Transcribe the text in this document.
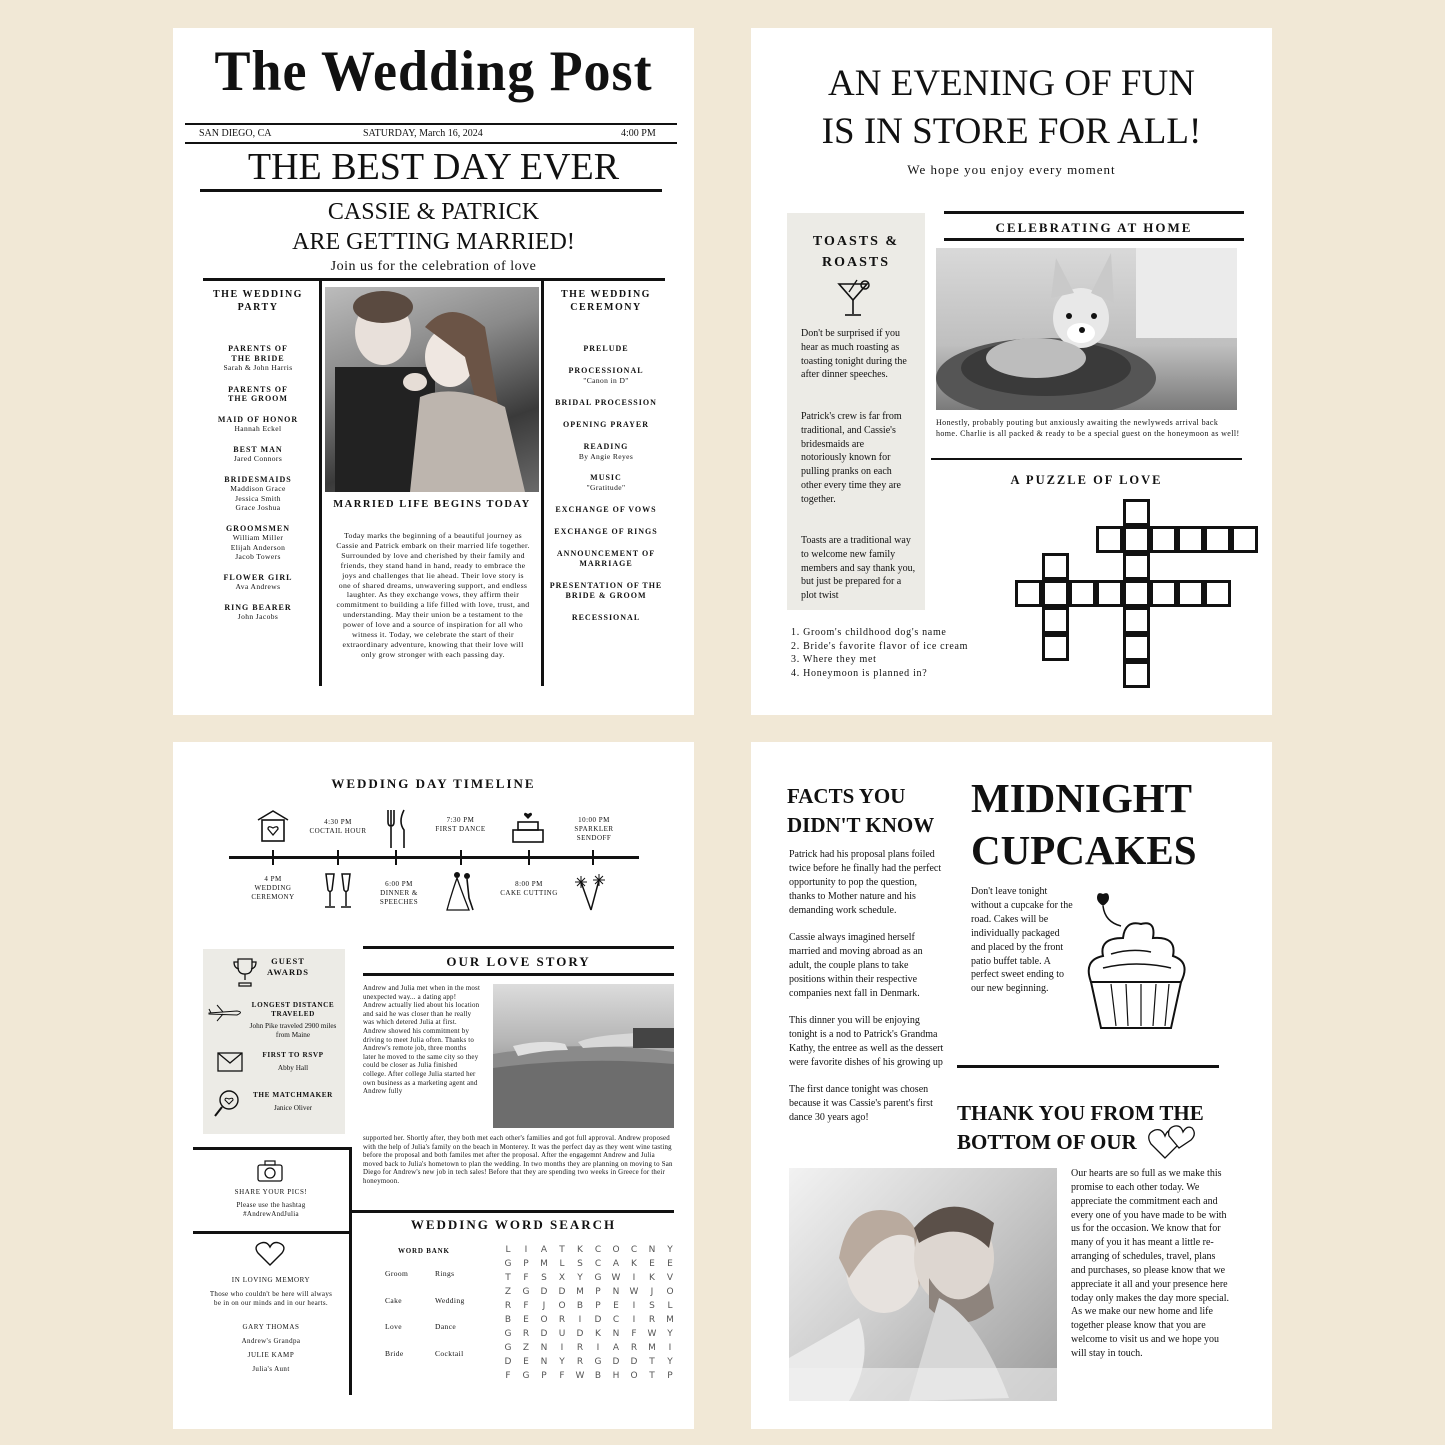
The Wedding Post
SAN DIEGO, CA	SATURDAY, March 16, 2024	4:00 PM
THE BEST DAY EVER
CASSIE & PATRICK
ARE GETTING MARRIED!
Join us for the celebration of love
THE WEDDING PARTY
PARENTS OF THE BRIDE
Sarah & John Harris
PARENTS OF THE GROOM
MAID OF HONOR
Hannah Eckel
BEST MAN
Jared Connors
BRIDESMAIDS
Maddison Grace
Jessica Smith
Grace Joshua
GROOMSMEN
William Miller
Elijah Anderson
Jacob Towers
FLOWER GIRL
Ava Andrews
RING BEARER
John Jacobs
MARRIED LIFE BEGINS TODAY
Today marks the beginning of a beautiful journey as Cassie and Patrick embark on their married life together. Surrounded by love and cherished by their family and friends, they stand hand in hand, ready to embrace the joys and challenges that lie ahead. Their love story is one of shared dreams, unwavering support, and endless laughter. As they exchange vows, they affirm their commitment to building a life filled with love, trust, and understanding. May their union be a testament to the power of love and a source of inspiration for all who witness it. Today, we celebrate the start of their extraordinary adventure, knowing that their love will only grow stronger with each passing day.
THE WEDDING CEREMONY
PRELUDE
PROCESSIONAL
"Canon in D"
BRIDAL PROCESSION
OPENING PRAYER
READING
By Angie Reyes
MUSIC
"Gratitude"
EXCHANGE OF VOWS
EXCHANGE OF RINGS
ANNOUNCEMENT OF MARRIAGE
PRESENTATION OF THE BRIDE & GROOM
RECESSIONAL
AN EVENING OF FUN
IS IN STORE FOR ALL!
We hope you enjoy every moment
TOASTS & ROASTS
Don't be surprised if you hear as much roasting as toasting tonight during the after dinner speeches.
Patrick's crew is far from traditional, and Cassie's bridesmaids are notoriously known for pulling pranks on each other every time they are together.
Toasts are a traditional way to welcome new family members and say thank you, but just be prepared for a plot twist
CELEBRATING AT HOME
Honestly, probably pouting but anxiously awaiting the newlyweds arrival back home. Charlie is all packed & ready to be a special guest on the honeymoon as well!
A PUZZLE OF LOVE
1. Groom's childhood dog's name
2. Bride's favorite flavor of ice cream
3. Where they met
4. Honeymoon is planned in?
WEDDING DAY TIMELINE
4:30 PM
COCTAIL HOUR
7:30 PM
FIRST DANCE
10:00 PM
SPARKLER SENDOFF
4 PM
WEDDING CEREMONY
6:00 PM
DINNER & SPEECHES
8:00 PM
CAKE CUTTING
GUEST AWARDS
LONGEST DISTANCE TRAVELED
John Pike traveled 2900 miles from Maine
FIRST TO RSVP
Abby Hall
THE MATCHMAKER
Janice Oliver
SHARE YOUR PICS!
Please use the hashtag #AndrewAndJulia
IN LOVING MEMORY
Those who couldn't be here will always be in on our minds and in our hearts.
GARY THOMAS
Andrew's Grandpa
JULIE KAMP
Julia's Aunt
OUR LOVE STORY
Andrew and Julia met when in the most unexpected way... a dating app! Andrew actually lied about his location and said he was closer than he really was which detered Julia at first. Andrew showed his commitment by driving to meet Julia often. Thanks to Andrew's remote job, three months later he moved to the same city so they could be closer as Julia finished college. After college Julia started her own business as a marketing agent and Andrew fully
supported her. Shortly after, they both met each other's families and got full approval. Andrew proposed with the help of Julia's family on the beach in Monterey. It was the perfect day as they went wine tasting before the proposal and both familes met after the proposal. After the engagemnt Andrew and Julia moved back to Julia's hometown to plan the wedding. In two months they are planning on moving to San Diego for Andrew's new job in tech sales! Before that they are spending two weeks in Greece for their honeymoon.
WEDDING WORD SEARCH
WORD BANK
Groom	Rings
Cake	Wedding
Love	Dance
Bride	Cocktail
L	I	A	T	K	C	O	C	N	Y
G	P	M	L	S	C	A	K	E	E
T	F	S	X	Y	G	W	I	K	V
Z	G	D	D	M	P	N	W	J	O
R	F	J	O	B	P	E	I	S	L
B	E	O	R	I	D	C	I	R	M
G	R	D	U	D	K	N	F	W	Y
G	Z	N	I	R	I	A	R	M	I
D	E	N	Y	R	G	D	D	T	Y
F	G	P	F	W	B	H	O	T	P
FACTS YOU DIDN'T KNOW
Patrick had his proposal plans foiled twice before he finally had the perfect opportunity to pop the question, thanks to Mother nature and his demanding work schedule.
Cassie always imagined herself married and moving abroad as an adult, the couple plans to take positions within their respective companies next fall in Denmark.
This dinner you will be enjoying tonight is a nod to Patrick's Grandma Kathy, the entree as well as the dessert were favorite dishes of his growing up
The first dance tonight was chosen because it was Cassie's parent's first dance 30 years ago!
MIDNIGHT
CUPCAKES
Don't leave tonight without a cupcake for the road. Cakes will be individually packaged and placed by the front patio buffet table. A perfect sweet ending to our new beginning.
THANK YOU FROM THE
BOTTOM OF OUR
Our hearts are so full as we make this promise to each other today. We appreciate the commitment each and every one of you have made to be with us for the occasion. We know that for many of you it has meant a little re-arranging of schedules, travel, plans and purchases, so please know that we appreciate it all and your presence here today only makes the day more special. As we make our new home and life together please know that you are welcome to visit us and we hope you will stay in touch.
